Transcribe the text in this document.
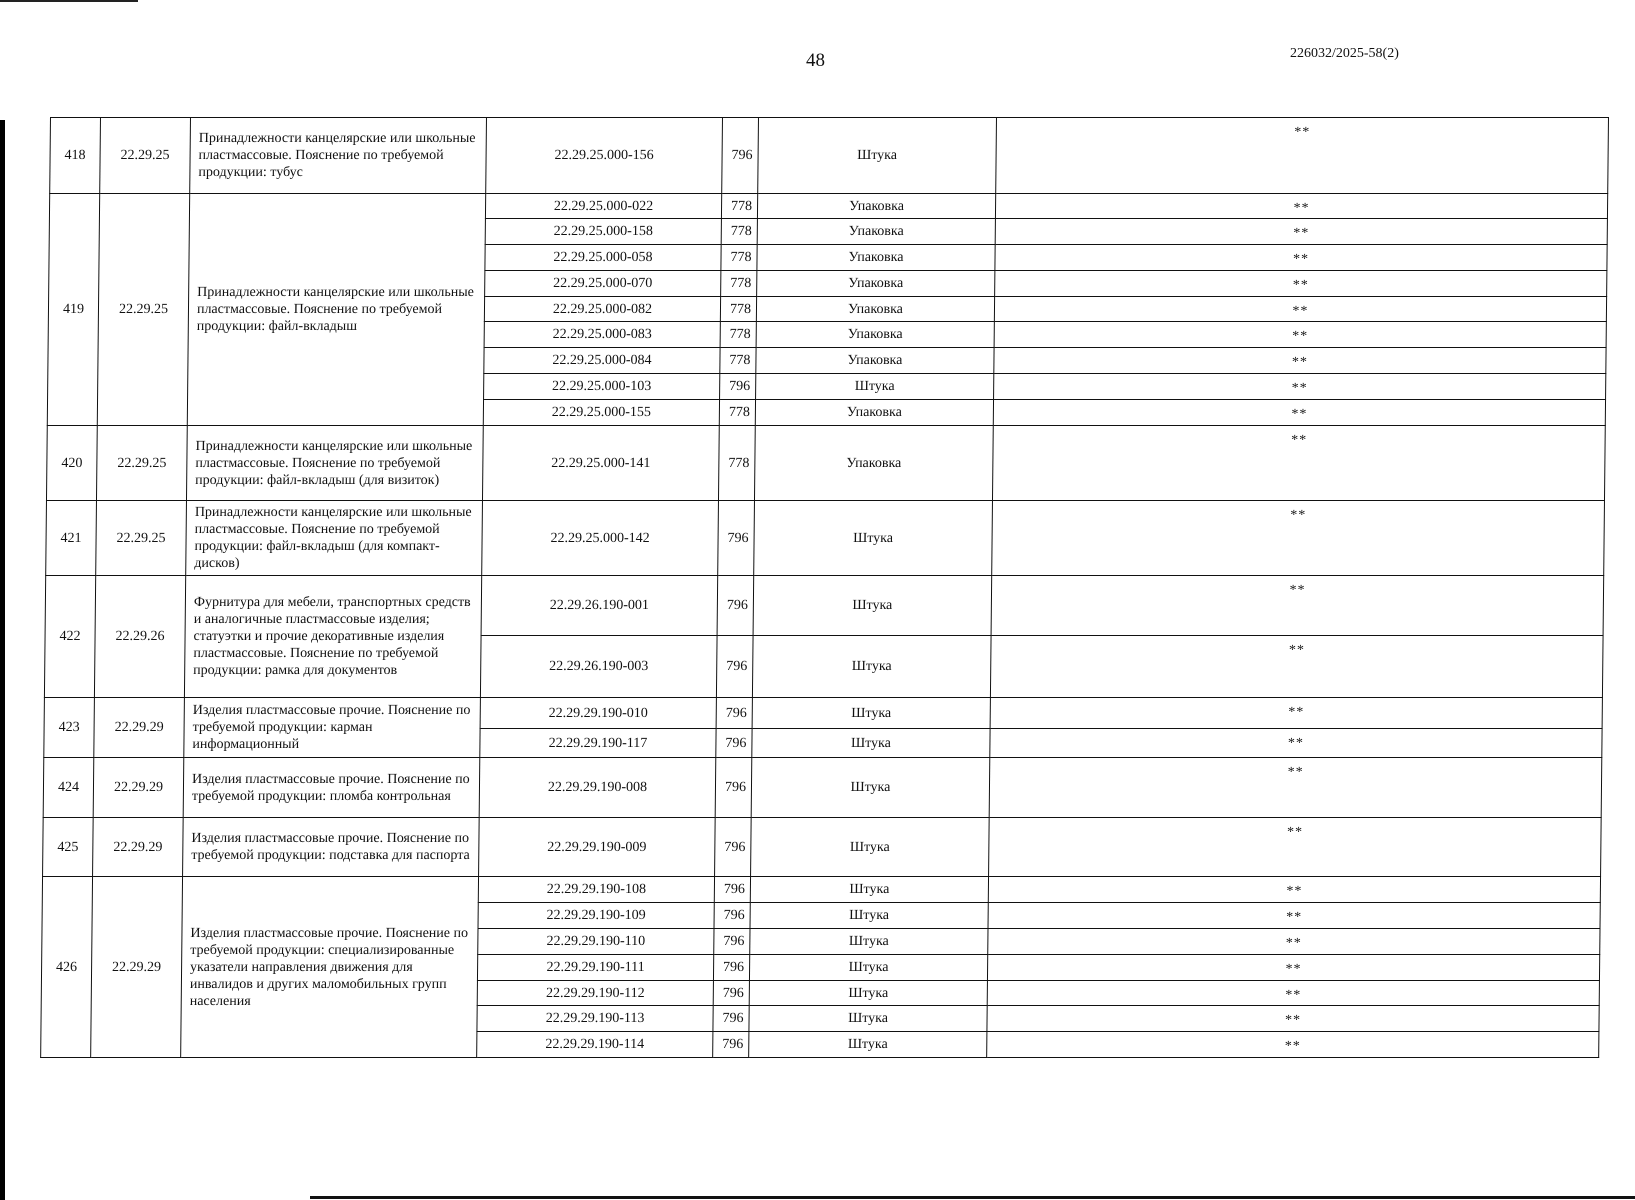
48	226032/2025-58(2)
418	22.29.25	Принадлежности канцелярские или школьные пластмассовые. Пояснение по требуемой продукции: тубус	22.29.25.000-156	796	Штука	**

419	22.29.25	Принадлежности канцелярские или школьные пластмассовые. Пояснение по требуемой продукции: файл-вкладыш	22.29.25.000-022	778	Упаковка	**

			22.29.25.000-158	778	Упаковка	**

			22.29.25.000-058	778	Упаковка	**

			22.29.25.000-070	778	Упаковка	**

			22.29.25.000-082	778	Упаковка	**

			22.29.25.000-083	778	Упаковка	**

			22.29.25.000-084	778	Упаковка	**

			22.29.25.000-103	796	Штука	**

			22.29.25.000-155	778	Упаковка	**

420	22.29.25	Принадлежности канцелярские или школьные пластмассовые. Пояснение по требуемой продукции: файл-вкладыш (для визиток)	22.29.25.000-141	778	Упаковка	**

421	22.29.25	Принадлежности канцелярские или школьные пластмассовые. Пояснение по требуемой продукции: файл-вкладыш (для компакт-дисков)	22.29.25.000-142	796	Штука	**

422	22.29.26	Фурнитура для мебели, транспортных средств и аналогичные пластмассовые изделия; статуэтки и прочие декоративные изделия пластмассовые. Пояснение по требуемой продукции: рамка для документов	22.29.26.190-001	796	Штука	**

			22.29.26.190-003	796	Штука	**

423	22.29.29	Изделия пластмассовые прочие. Пояснение по требуемой продукции: карман информационный	22.29.29.190-010	796	Штука	**

			22.29.29.190-117	796	Штука	**

424	22.29.29	Изделия пластмассовые прочие. Пояснение по требуемой продукции: пломба контрольная	22.29.29.190-008	796	Штука	**

425	22.29.29	Изделия пластмассовые прочие. Пояснение по требуемой продукции: подставка для паспорта	22.29.29.190-009	796	Штука	**

426	22.29.29	Изделия пластмассовые прочие. Пояснение по требуемой продукции: специализированные указатели направления движения для инвалидов и других маломобильных групп населения	22.29.29.190-108	796	Штука	**

			22.29.29.190-109	796	Штука	**

			22.29.29.190-110	796	Штука	**

			22.29.29.190-111	796	Штука	**

			22.29.29.190-112	796	Штука	**

			22.29.29.190-113	796	Штука	**

			22.29.29.190-114	796	Штука	**
